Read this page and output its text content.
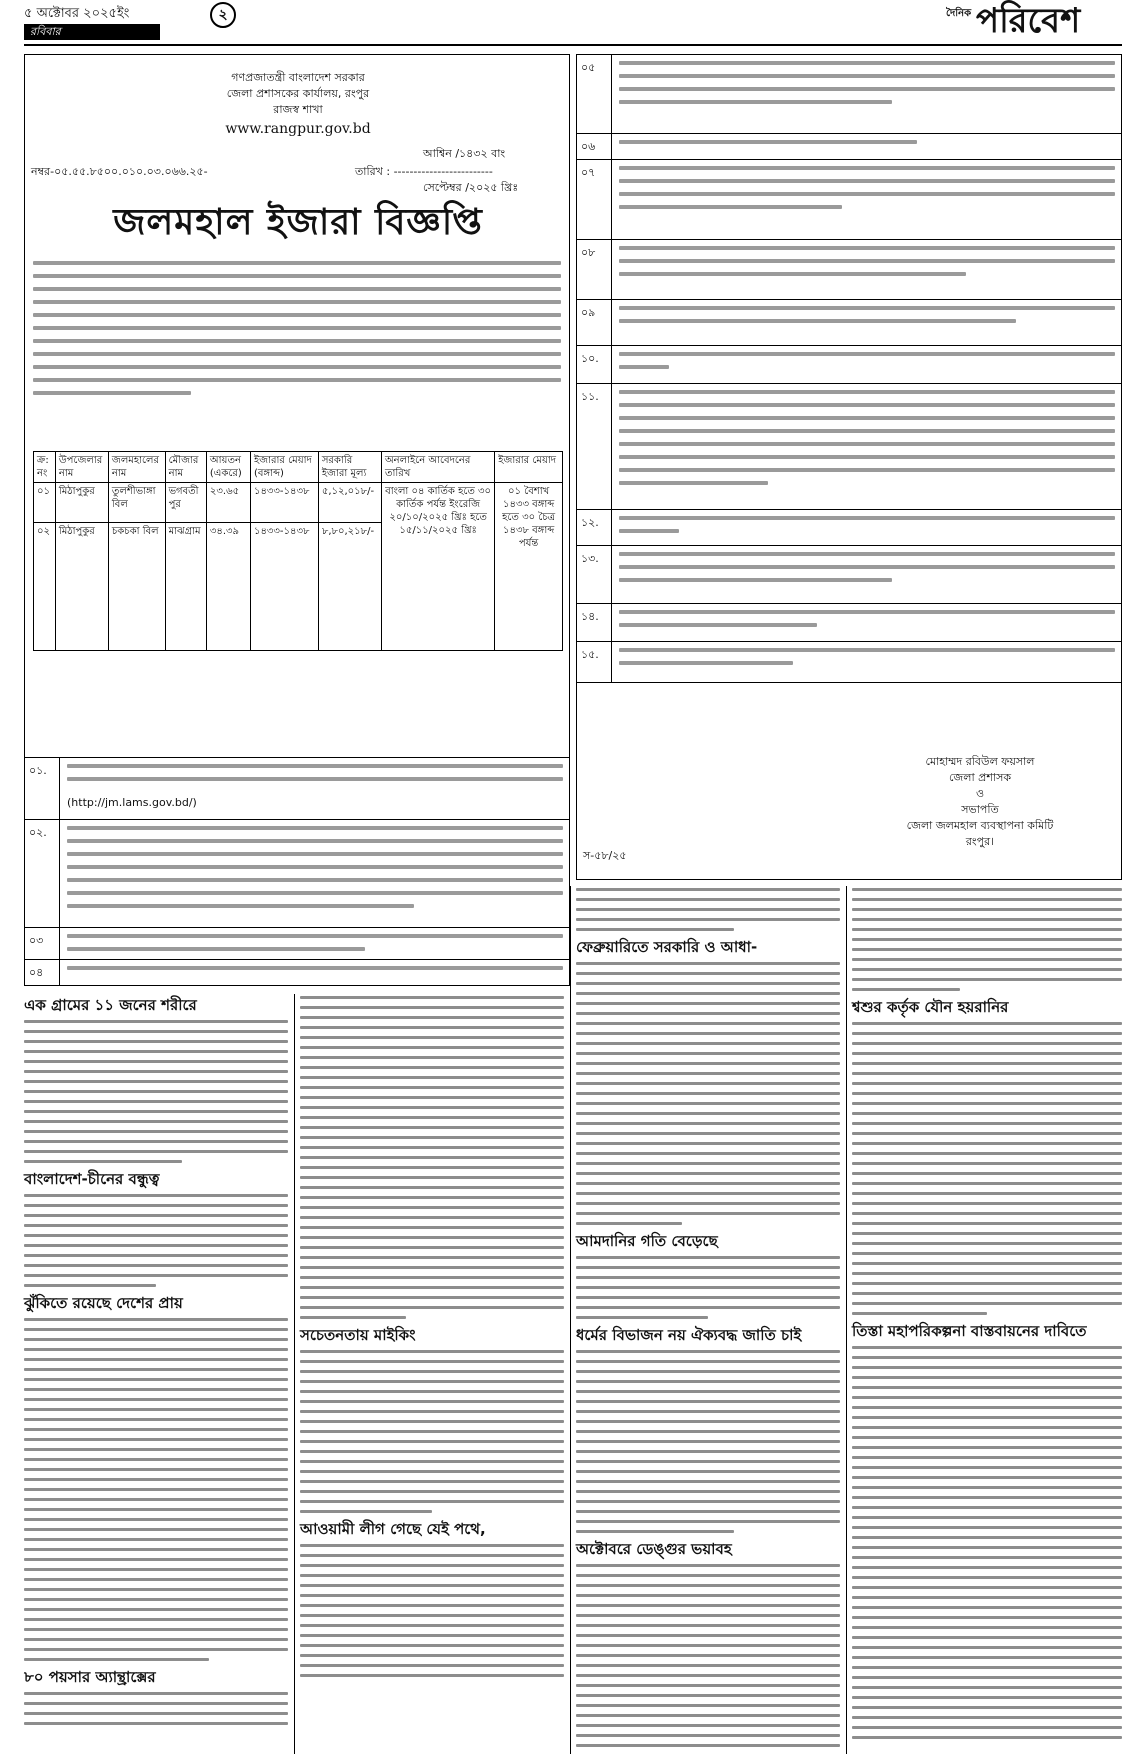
৫ অক্টোবর ২০২৫ইং	২
রবিবার
দৈনিক পরিবেশ
গণপ্রজাতন্ত্রী বাংলাদেশ সরকার
জেলা প্রশাসকের কার্যালয়, রংপুর
রাজস্ব শাখা
www.rangpur.gov.bd
আশ্বিন /১৪৩২ বাং
নম্বর-০৫.৫৫.৮৫০০.০১০.০৩.০৬৬.২৫-	তারিখ : -------------------------
সেপ্টেম্বর /২০২৫ খ্রিঃ
জলমহাল ইজারা বিজ্ঞপ্তি
ক্র: নং	উপজেলার নাম	জলমহালের নাম	মৌজার নাম	আয়তন (একরে)	ইজারার মেয়াদ (বঙ্গাব্দ)	সরকারি ইজারা মূল্য	অনলাইনে আবেদনের তারিখ	ইজারার মেয়াদ
০১	মিঠাপুকুর	তুলশীভাঙ্গা বিল	ভগবতী পুর	২৩.৬৫	১৪৩৩-১৪৩৮	৫,১২,০১৮/-	বাংলা ০৪ কার্তিক হতে ৩০ কার্তিক পর্যন্ত ইংরেজি ২০/১০/২০২৫ খ্রিঃ হতে ১৫/১১/২০২৫ খ্রিঃ	০১ বৈশাখ ১৪৩৩ বঙ্গাব্দ হতে ৩০ চৈত্র ১৪৩৮ বঙ্গাব্দ পর্যন্ত
০২	মিঠাপুকুর	চকচকা বিল	মাঝগ্রাম	৩৪.৩৯	১৪৩৩-১৪৩৮	৮,৮০,২১৮/-		
০১.
(http://jm.lams.gov.bd/)
০২.
০৩
০৪
০৫
০৬
০৭
০৮
০৯
১০.
১১.
১২.
১৩.
১৪.
১৫.
মোহাম্মদ রবিউল ফয়সাল
জেলা প্রশাসক
ও
সভাপতি
জেলা জলমহাল ব্যবস্থাপনা কমিটি
রংপুর।
স-৫৮/২৫
এক গ্রামের ১১ জনের শরীরে
বাংলাদেশ-চীনের বন্ধুত্ব
ঝুঁকিতে রয়েছে দেশের প্রায়
৮০ পয়সার অ্যান্থ্রাক্সের
সচেতনতায় মাইকিং
আওয়ামী লীগ গেছে যেই পথে,
ফেব্রুয়ারিতে সরকারি ও আধা-
আমদানির গতি বেড়েছে
ধর্মের বিভাজন নয় ঐক্যবদ্ধ জাতি চাই
অক্টোবরে ডেঙ্গুর ভয়াবহ
শ্বশুর কর্তৃক যৌন হয়রানির
তিস্তা মহাপরিকল্পনা বাস্তবায়নের দাবিতে
